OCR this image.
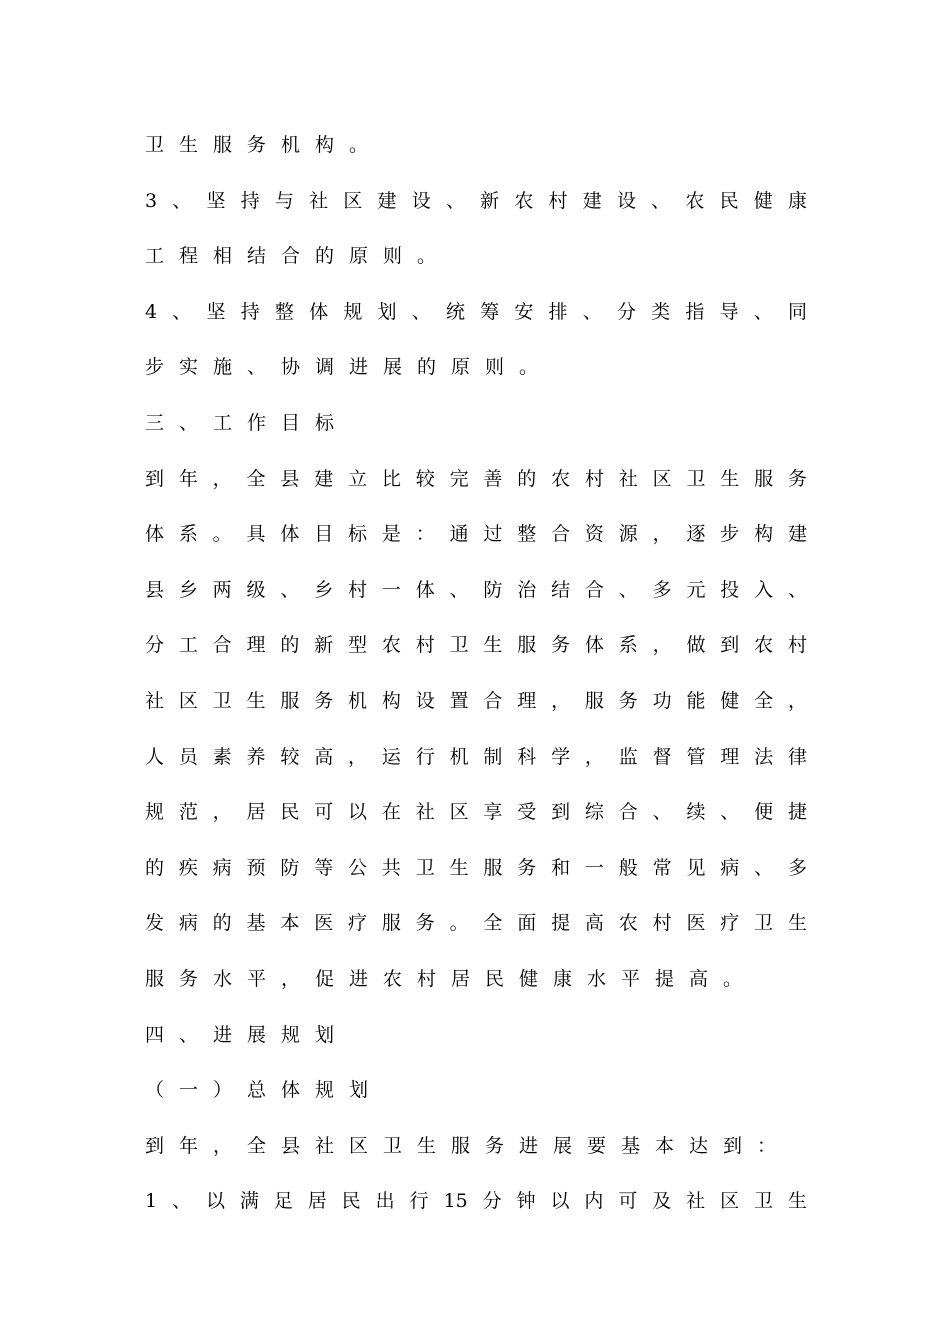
卫生服务机构。
3、坚持与社区建设、新农村建设、农民健康
工程相结合的原则。
4、坚持整体规划、统筹安排、分类指导、同
步实施、协调进展的原则。
三、工作目标
到年，全县建立比较完善的农村社区卫生服务
体系。具体目标是：通过整合资源，逐步构建
县乡两级、乡村一体、防治结合、多元投入、
分工合理的新型农村卫生服务体系，做到农村
社区卫生服务机构设置合理，服务功能健全，
人员素养较高，运行机制科学，监督管理法律
规范，居民可以在社区享受到综合、续、便捷
的疾病预防等公共卫生服务和一般常见病、多
发病的基本医疗服务。全面提高农村医疗卫生
服务水平，促进农村居民健康水平提高。
四、进展规划
（一）总体规划
到年，全县社区卫生服务进展要基本达到：
1、以满足居民出行15分钟以内可及社区卫生
